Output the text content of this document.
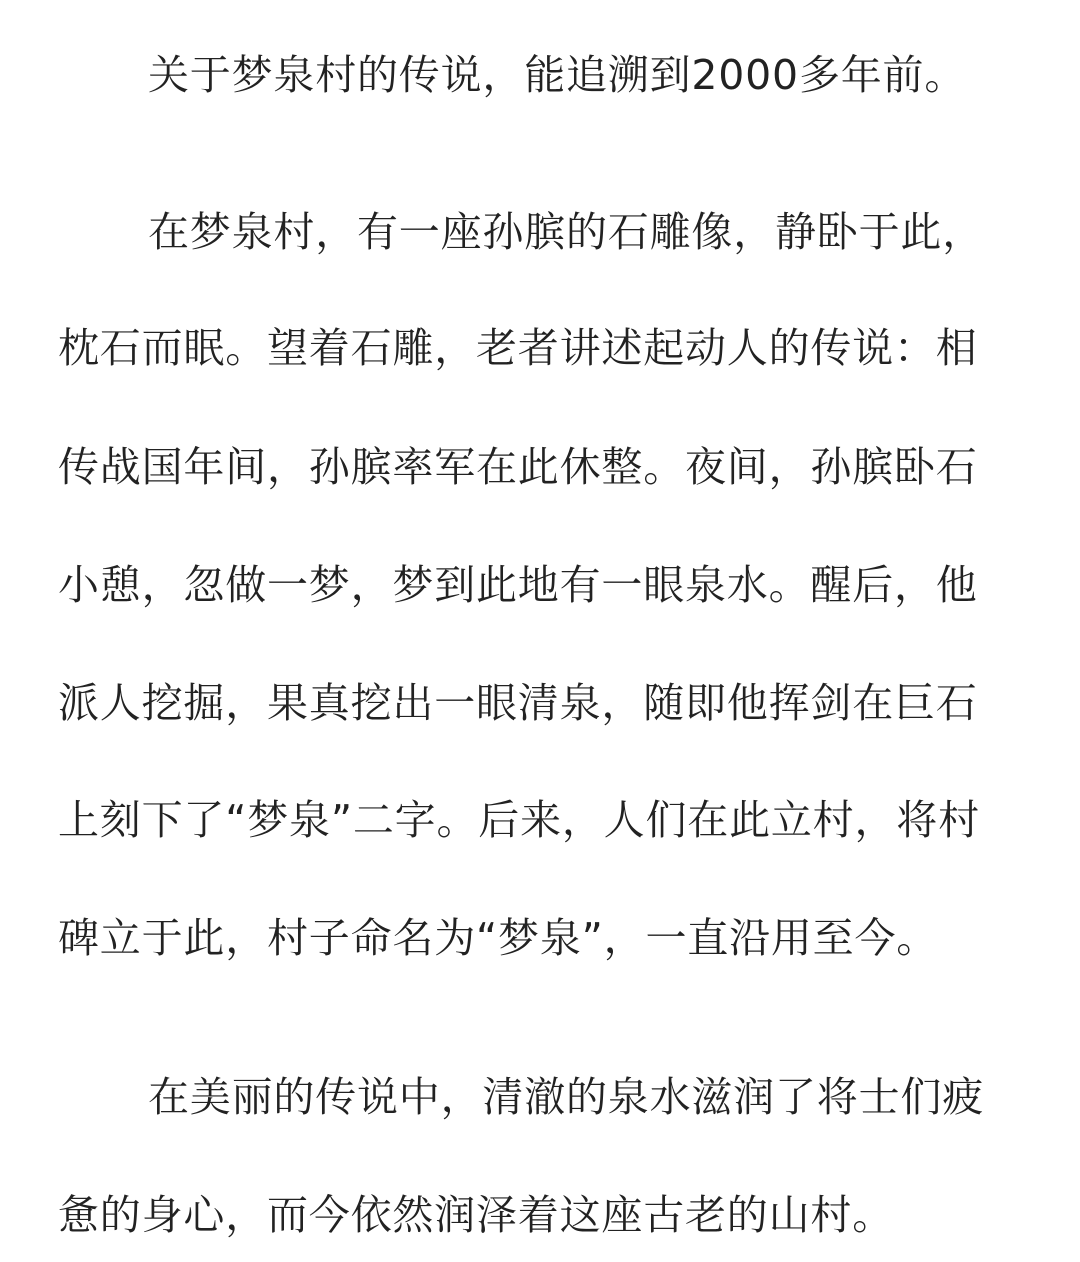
关于梦泉村的传说，能追溯到2000多年前。
在梦泉村，有一座孙膑的石雕像，静卧于此，
枕石而眠。望着石雕，老者讲述起动人的传说：相
传战国年间，孙膑率军在此休整。夜间，孙膑卧石
小憩，忽做一梦，梦到此地有一眼泉水。醒后，他
派人挖掘，果真挖出一眼清泉，随即他挥剑在巨石
上刻下了“梦泉”二字。后来，人们在此立村，将村
碑立于此，村子命名为“梦泉”，一直沿用至今。
在美丽的传说中，清澈的泉水滋润了将士们疲
惫的身心，而今依然润泽着这座古老的山村。
